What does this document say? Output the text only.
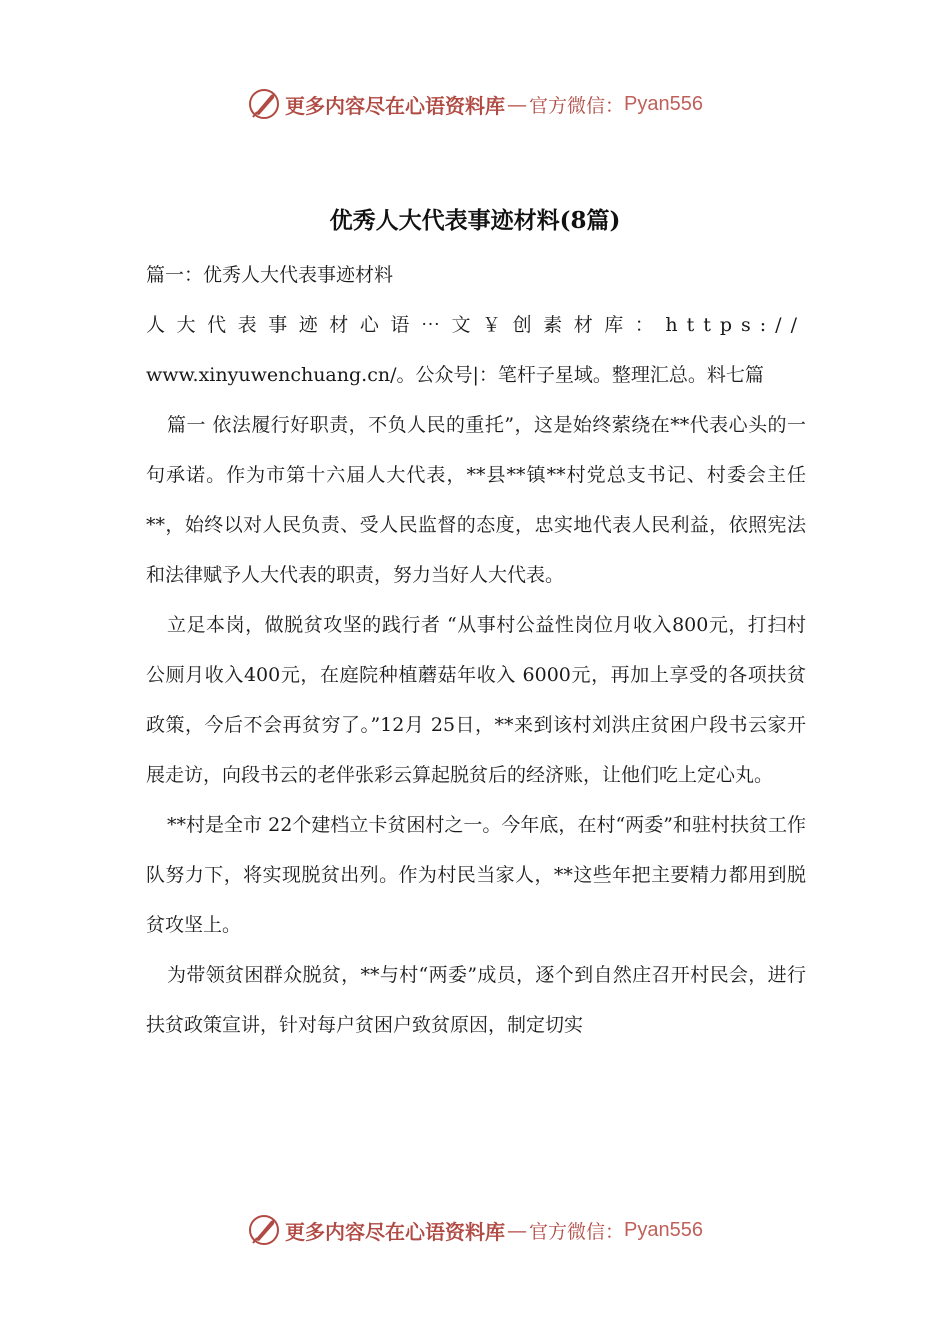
更多内容尽在心语资料库 — 官方微信： Pyan556
优秀人大代表事迹材料(8篇)

篇一：优秀人大代表事迹材料

人大代表事迹材心语⋯文￥创素材库：https://

www.xinyuwenchuang.cn/。公众号|：笔杆子星域。整理汇总。料七篇

篇一 依法履行好职责，不负人民的重托”，这是始终萦绕在**代表心头的一句承诺。作为市第十六届人大代表，**县**镇**村党总支书记、村委会主任**，始终以对人民负责、受人民监督的态度，忠实地代表人民利益，依照宪法和法律赋予人大代表的职责，努力当好人大代表。

立足本岗，做脱贫攻坚的践行者 “从事村公益性岗位月收入800元，打扫村公厕月收入400元，在庭院种植蘑菇年收入 6000元，再加上享受的各项扶贫政策，今后不会再贫穷了。”12月 25日，**来到该村刘洪庄贫困户段书云家开展走访，向段书云的老伴张彩云算起脱贫后的经济账，让他们吃上定心丸。

**村是全市 22个建档立卡贫困村之一。今年底，在村“两委”和驻村扶贫工作队努力下，将实现脱贫出列。作为村民当家人，**这些年把主要精力都用到脱贫攻坚上。

为带领贫困群众脱贫，**与村“两委”成员，逐个到自然庄召开村民会，进行扶贫政策宣讲，针对每户贫困户致贫原因，制定切实

更多内容尽在心语资料库 — 官方微信： Pyan556
